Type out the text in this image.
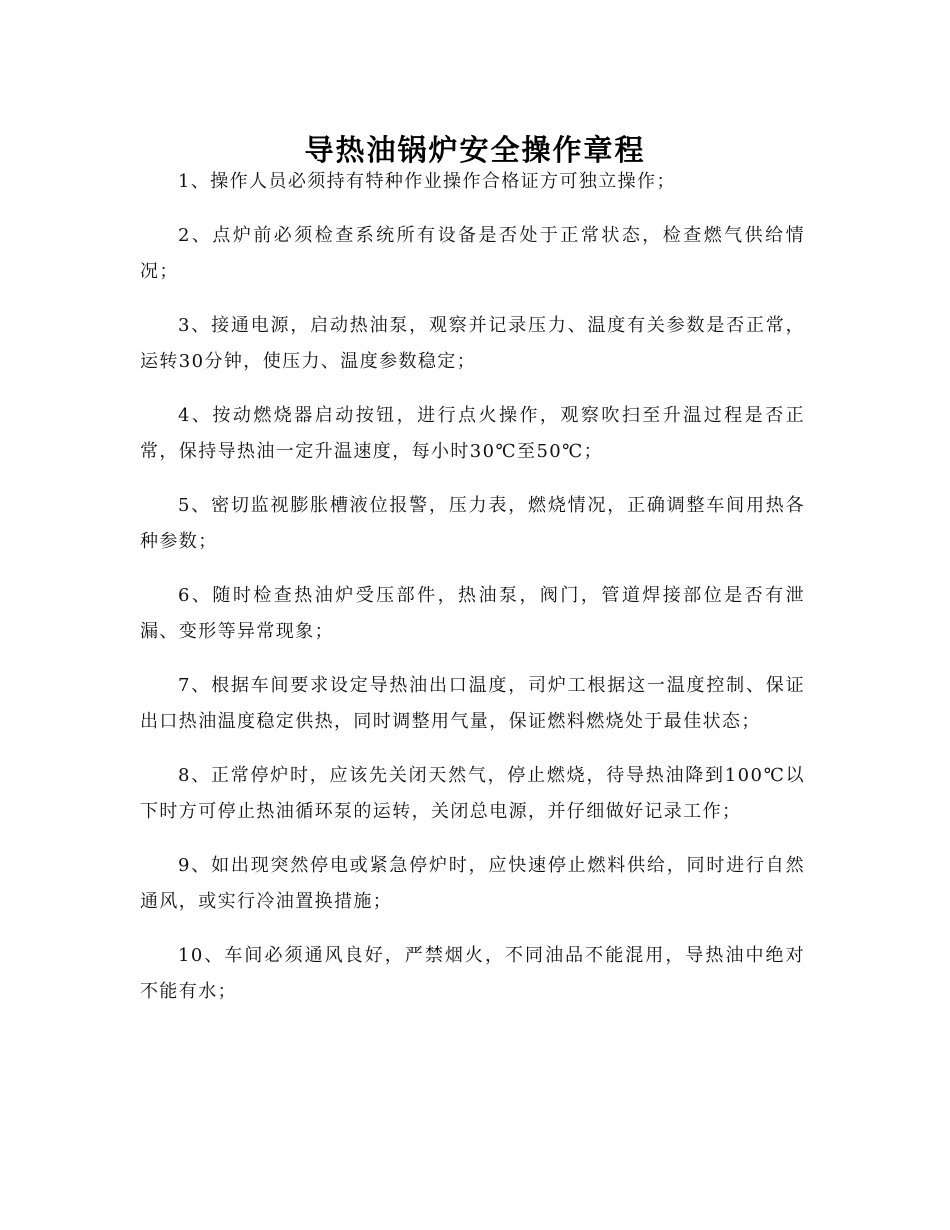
导热油锅炉安全操作章程

1、操作人员必须持有特种作业操作合格证方可独立操作；

2、点炉前必须检查系统所有设备是否处于正常状态，检查燃气供给情况；

3、接通电源，启动热油泵，观察并记录压力、温度有关参数是否正常，运转30分钟，使压力、温度参数稳定；

4、按动燃烧器启动按钮，进行点火操作，观察吹扫至升温过程是否正常，保持导热油一定升温速度，每小时30℃至50℃；

5、密切监视膨胀槽液位报警，压力表，燃烧情况，正确调整车间用热各种参数；

6、随时检查热油炉受压部件，热油泵，阀门，管道焊接部位是否有泄漏、变形等异常现象；

7、根据车间要求设定导热油出口温度，司炉工根据这一温度控制、保证出口热油温度稳定供热，同时调整用气量，保证燃料燃烧处于最佳状态；

8、正常停炉时，应该先关闭天然气，停止燃烧，待导热油降到100℃以下时方可停止热油循环泵的运转，关闭总电源，并仔细做好记录工作；

9、如出现突然停电或紧急停炉时，应快速停止燃料供给，同时进行自然通风，或实行冷油置换措施；

10、车间必须通风良好，严禁烟火，不同油品不能混用，导热油中绝对不能有水；
